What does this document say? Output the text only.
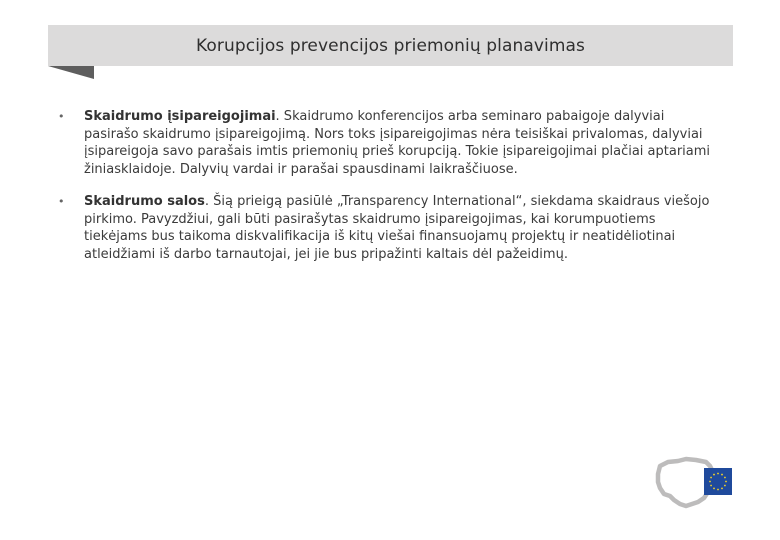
Korupcijos prevencijos priemonių planavimas
• Skaidrumo įsipareigojimai. Skaidrumo konferencijos arba seminaro pabaigoje dalyviai pasirašo skaidrumo įsipareigojimą. Nors toks įsipareigojimas nėra teisiškai privalomas, dalyviai įsipareigoja savo parašais imtis priemonių prieš korupciją. Tokie įsipareigojimai plačiai aptariami žiniasklaidoje. Dalyvių vardai ir parašai spausdinami laikraščiuose.
• Skaidrumo salos. Šią prieigą pasiūlė „Transparency International“, siekdama skaidraus viešojo pirkimo. Pavyzdžiui, gali būti pasirašytas skaidrumo įsipareigojimas, kai korumpuotiems tiekėjams bus taikoma diskvalifikacija iš kitų viešai finansuojamų projektų ir neatidėliotinai atleidžiami iš darbo tarnautojai, jei jie bus pripažinti kaltais dėl pažeidimų.
